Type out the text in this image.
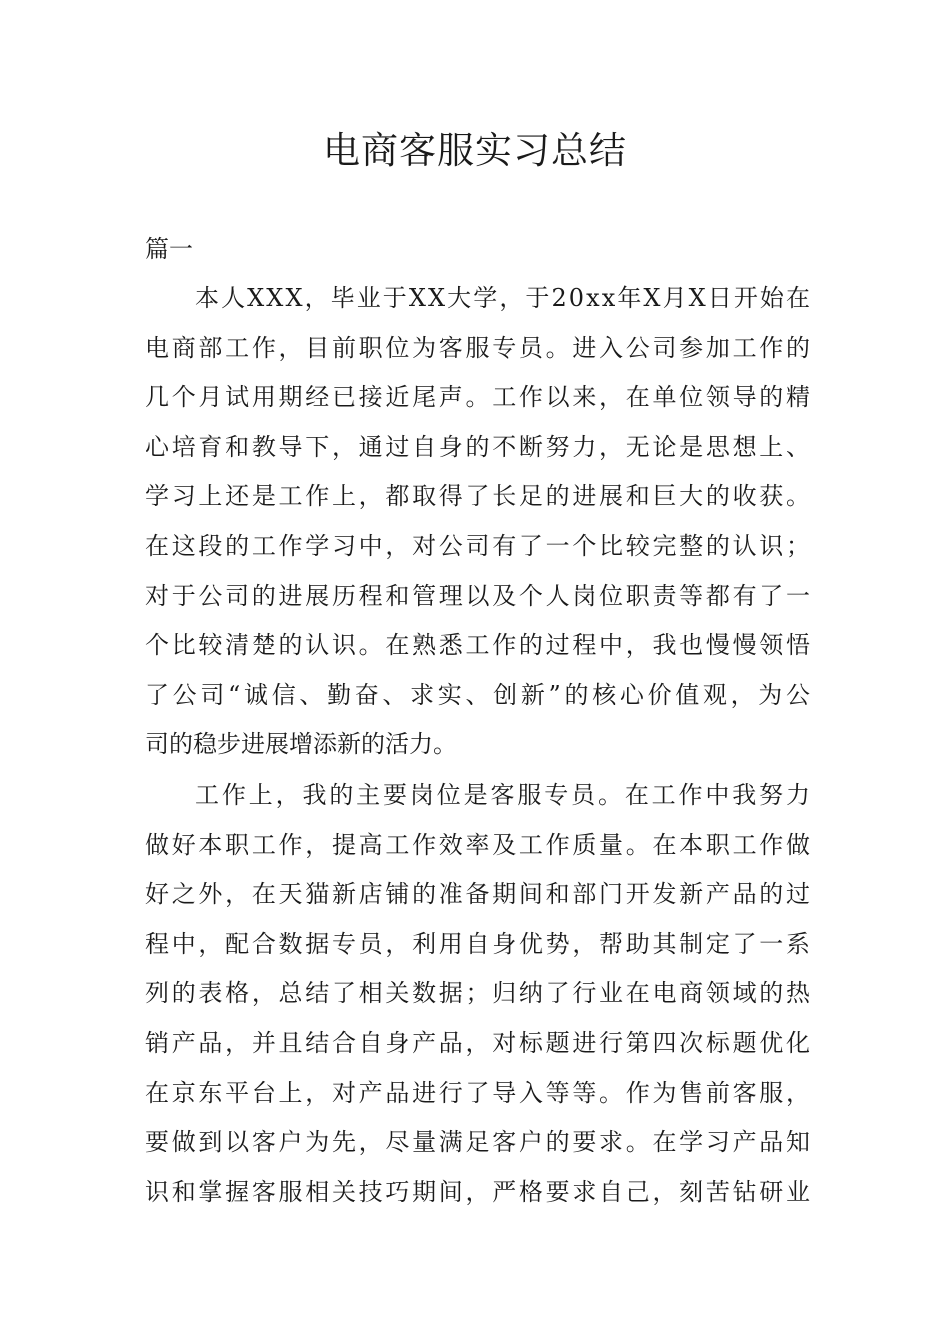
电商客服实习总结
篇一
本人XXX，毕业于XX大学，于20xx年X月X日开始在
电商部工作，目前职位为客服专员。进入公司参加工作的
几个月试用期经已接近尾声。工作以来，在单位领导的精
心培育和教导下，通过自身的不断努力，无论是思想上、
学习上还是工作上，都取得了长足的进展和巨大的收获。
在这段的工作学习中，对公司有了一个比较完整的认识；
对于公司的进展历程和管理以及个人岗位职责等都有了一
个比较清楚的认识。在熟悉工作的过程中，我也慢慢领悟
了公司“诚信、勤奋、求实、创新”的核心价值观，为公
司的稳步进展增添新的活力。
工作上，我的主要岗位是客服专员。在工作中我努力
做好本职工作，提高工作效率及工作质量。在本职工作做
好之外，在天猫新店铺的准备期间和部门开发新产品的过
程中，配合数据专员，利用自身优势，帮助其制定了一系
列的表格，总结了相关数据；归纳了行业在电商领域的热
销产品，并且结合自身产品，对标题进行第四次标题优化
在京东平台上，对产品进行了导入等等。作为售前客服，
要做到以客户为先，尽量满足客户的要求。在学习产品知
识和掌握客服相关技巧期间，严格要求自己，刻苦钻研业
